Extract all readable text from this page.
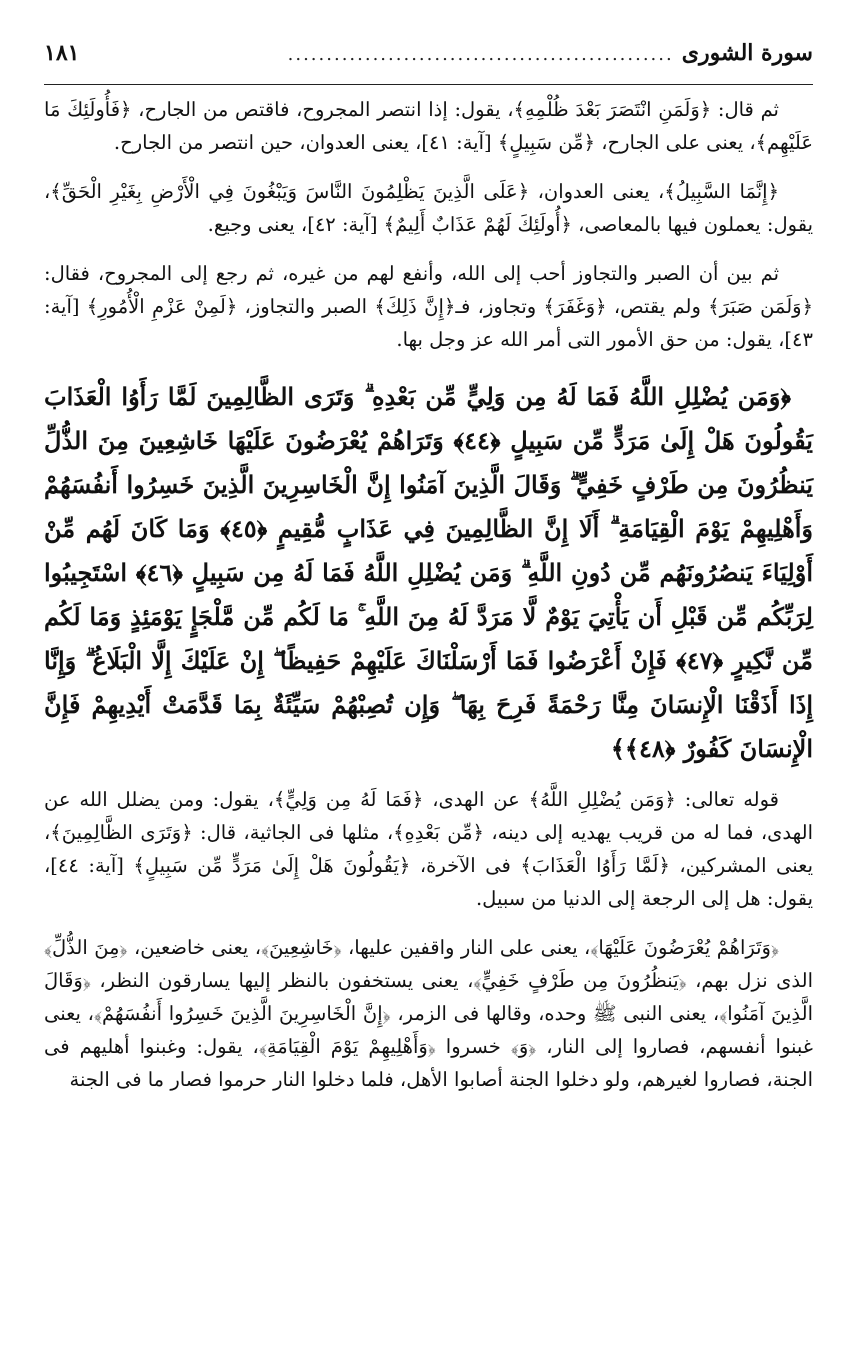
سورة الشورى
..................................................
١٨١

ثم قال: ﴿وَلَمَنِ انْتَصَرَ بَعْدَ ظُلْمِهِ﴾، يقول: إذا انتصر المجروح، فاقتص من الجارح، ﴿فَأُولَئِكَ مَا عَلَيْهِم﴾، يعنى على الجارح، ﴿مِّن سَبِيلٍ﴾ [آية: ٤١]، يعنى العدوان، حين انتصر من الجارح.

﴿إِنَّمَا السَّبِيلُ﴾، يعنى العدوان، ﴿عَلَى الَّذِينَ يَظْلِمُونَ النَّاسَ وَيَبْغُونَ فِي الْأَرْضِ بِغَيْرِ الْحَقِّ﴾، يقول: يعملون فيها بالمعاصى، ﴿أُولَئِكَ لَهُمْ عَذَابٌ أَلِيمٌ﴾ [آية: ٤٢]، يعنى وجيع.

ثم بين أن الصبر والتجاوز أحب إلى الله، وأنفع لهم من غيره، ثم رجع إلى المجروح، فقال: ﴿وَلَمَن صَبَرَ﴾ ولم يقتص، ﴿وَغَفَرَ﴾ وتجاوز، فـ﴿إِنَّ ذَلِكَ﴾ الصبر والتجاوز، ﴿لَمِنْ عَزْمِ الْأُمُورِ﴾ [آية: ٤٣]، يقول: من حق الأمور التى أمر الله عز وجل بها.

﴿وَمَن يُضْلِلِ اللَّهُ فَمَا لَهُ مِن وَلِيٍّ مِّن بَعْدِهِ ۗ وَتَرَى الظَّالِمِينَ لَمَّا رَأَوُا الْعَذَابَ يَقُولُونَ هَلْ إِلَىٰ مَرَدٍّ مِّن سَبِيلٍ ﴿٤٤﴾ وَتَرَاهُمْ يُعْرَضُونَ عَلَيْهَا خَاشِعِينَ مِنَ الذُّلِّ يَنظُرُونَ مِن طَرْفٍ خَفِيٍّ ۗ وَقَالَ الَّذِينَ آمَنُوا إِنَّ الْخَاسِرِينَ الَّذِينَ خَسِرُوا أَنفُسَهُمْ وَأَهْلِيهِمْ يَوْمَ الْقِيَامَةِ ۗ أَلَا إِنَّ الظَّالِمِينَ فِي عَذَابٍ مُّقِيمٍ ﴿٤٥﴾ وَمَا كَانَ لَهُم مِّنْ أَوْلِيَاءَ يَنصُرُونَهُم مِّن دُونِ اللَّهِ ۗ وَمَن يُضْلِلِ اللَّهُ فَمَا لَهُ مِن سَبِيلٍ ﴿٤٦﴾ اسْتَجِيبُوا لِرَبِّكُم مِّن قَبْلِ أَن يَأْتِيَ يَوْمٌ لَّا مَرَدَّ لَهُ مِنَ اللَّهِ ۚ مَا لَكُم مِّن مَّلْجَإٍ يَوْمَئِذٍ وَمَا لَكُم مِّن نَّكِيرٍ ﴿٤٧﴾ فَإِنْ أَعْرَضُوا فَمَا أَرْسَلْنَاكَ عَلَيْهِمْ حَفِيظًا ۖ إِنْ عَلَيْكَ إِلَّا الْبَلَاغُ ۗ وَإِنَّا إِذَا أَذَقْنَا الْإِنسَانَ مِنَّا رَحْمَةً فَرِحَ بِهَا ۖ وَإِن تُصِبْهُمْ سَيِّئَةٌ بِمَا قَدَّمَتْ أَيْدِيهِمْ فَإِنَّ الْإِنسَانَ كَفُورٌ ﴿٤٨﴾﴾

قوله تعالى: ﴿وَمَن يُضْلِلِ اللَّهُ﴾ عن الهدى، ﴿فَمَا لَهُ مِن وَلِيٍّ﴾، يقول: ومن يضلل الله عن الهدى، فما له من قريب يهديه إلى دينه، ﴿مِّن بَعْدِهِ﴾، مثلها فى الجاثية، قال: ﴿وَتَرَى الظَّالِمِينَ﴾، يعنى المشركين، ﴿لَمَّا رَأَوُا الْعَذَابَ﴾ فى الآخرة، ﴿يَقُولُونَ هَلْ إِلَىٰ مَرَدٍّ مِّن سَبِيلٍ﴾ [آية: ٤٤]، يقول: هل إلى الرجعة إلى الدنيا من سبيل.

﴿وَتَرَاهُمْ يُعْرَضُونَ عَلَيْهَا﴾، يعنى على النار واقفين عليها، ﴿خَاشِعِينَ﴾، يعنى خاضعين، ﴿مِنَ الذُّلِّ﴾ الذى نزل بهم، ﴿يَنظُرُونَ مِن طَرْفٍ خَفِيٍّ﴾، يعنى يستخفون بالنظر إليها يسارقون النظر، ﴿وَقَالَ الَّذِينَ آمَنُوا﴾، يعنى النبى ﷺ وحده، وقالها فى الزمر، ﴿إِنَّ الْخَاسِرِينَ الَّذِينَ خَسِرُوا أَنفُسَهُمْ﴾، يعنى غبنوا أنفسهم، فصاروا إلى النار، ﴿وَ﴾ خسروا ﴿وَأَهْلِيهِمْ يَوْمَ الْقِيَامَةِ﴾، يقول: وغبنوا أهليهم فى الجنة، فصاروا لغيرهم، ولو دخلوا الجنة أصابوا الأهل، فلما دخلوا النار حرموا فصار ما فى الجنة
